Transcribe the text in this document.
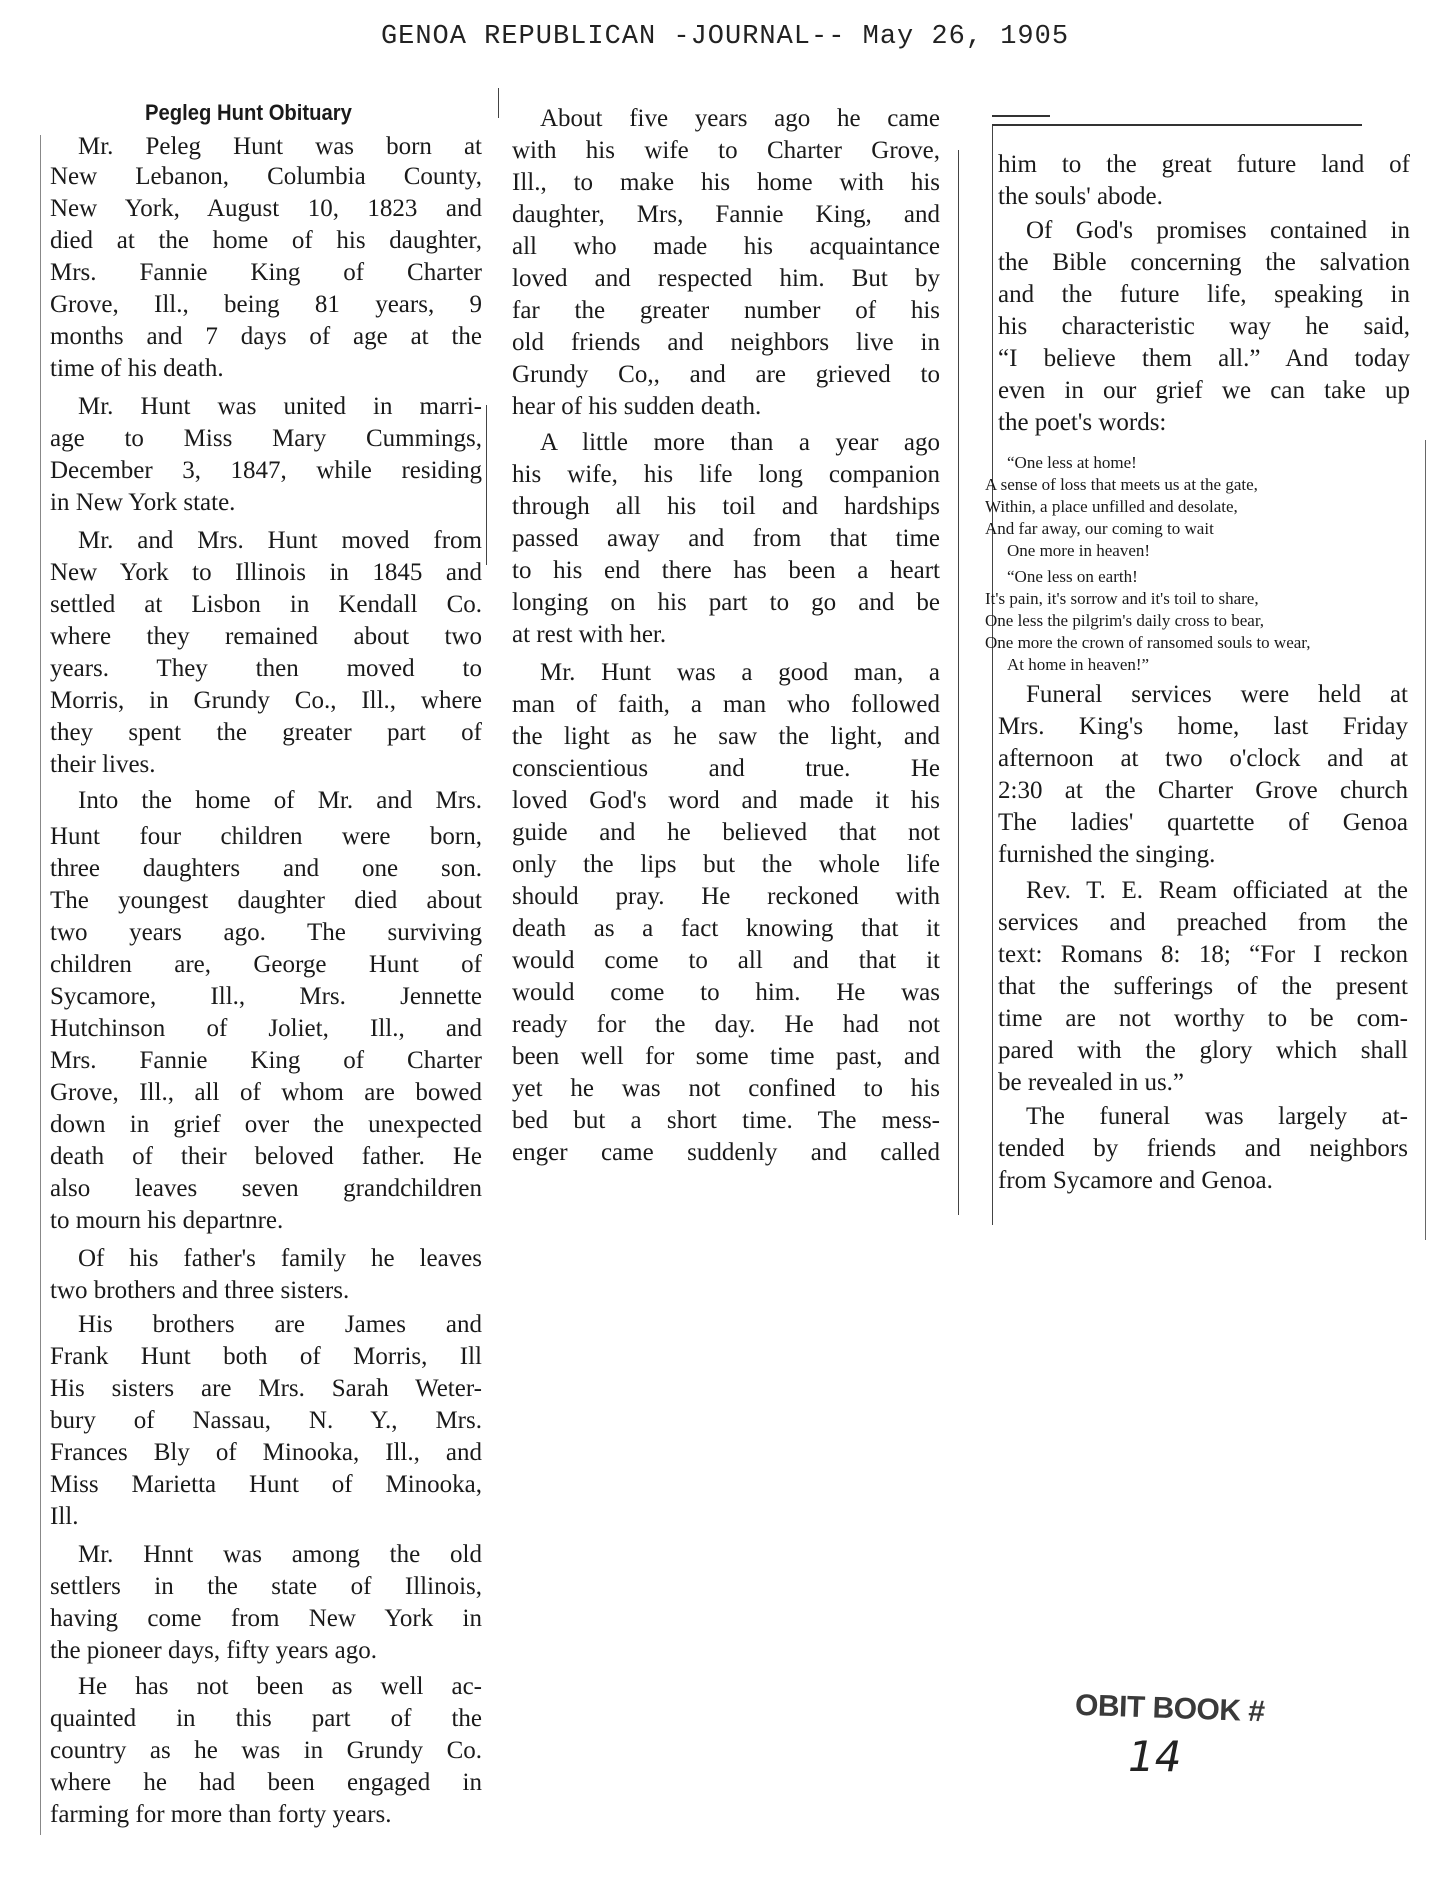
GENOA REPUBLICAN -JOURNAL-- May 26, 1905
Pegleg Hunt Obituary
Mr. Peleg Hunt was born at
New Lebanon, Columbia County,
New York, August 10, 1823 and
died at the home of his daughter,
Mrs. Fannie King of Charter
Grove, Ill., being 81 years, 9
months and 7 days of age at the
time of his death.
Mr. Hunt was united in marri-
age to Miss Mary Cummings,
December 3, 1847, while residing
in New York state.
Mr. and Mrs. Hunt moved from
New York to Illinois in 1845 and
settled at Lisbon in Kendall Co.
where they remained about two
years. They then moved to
Morris, in Grundy Co., Ill., where
they spent the greater part of
their lives.
Into the home of Mr. and Mrs.
Hunt four children were born,
three daughters and one son.
The youngest daughter died about
two years ago. The surviving
children are, George Hunt of
Sycamore, Ill., Mrs. Jennette
Hutchinson of Joliet, Ill., and
Mrs. Fannie King of Charter
Grove, Ill., all of whom are bowed
down in grief over the unexpected
death of their beloved father. He
also leaves seven grandchildren
to mourn his departnre.
Of his father's family he leaves
two brothers and three sisters.
His brothers are James and
Frank Hunt both of Morris, Ill
His sisters are Mrs. Sarah Weter-
bury of Nassau, N. Y., Mrs.
Frances Bly of Minooka, Ill., and
Miss Marietta Hunt of Minooka,
Ill.
Mr. Hnnt was among the old
settlers in the state of Illinois,
having come from New York in
the pioneer days, fifty years ago.
He has not been as well ac-
quainted in this part of the
country as he was in Grundy Co.
where he had been engaged in
farming for more than forty years.
About five years ago he came
with his wife to Charter Grove,
Ill., to make his home with his
daughter, Mrs, Fannie King, and
all who made his acquaintance
loved and respected him. But by
far the greater number of his
old friends and neighbors live in
Grundy Co,, and are grieved to
hear of his sudden death.
A little more than a year ago
his wife, his life long companion
through all his toil and hardships
passed away and from that time
to his end there has been a heart
longing on his part to go and be
at rest with her.
Mr. Hunt was a good man, a
man of faith, a man who followed
the light as he saw the light, and
conscientious and true. He
loved God's word and made it his
guide and he believed that not
only the lips but the whole life
should pray. He reckoned with
death as a fact knowing that it
would come to all and that it
would come to him. He was
ready for the day. He had not
been well for some time past, and
yet he was not confined to his
bed but a short time. The mess-
enger came suddenly and called
him to the great future land of
the souls' abode.
Of God's promises contained in
the Bible concerning the salvation
and the future life, speaking in
his characteristic way he said,
“I believe them all.” And today
even in our grief we can take up
the poet's words:
Funeral services were held at
Mrs. King's home, last Friday
afternoon at two o'clock and at
2:30 at the Charter Grove church
The ladies' quartette of Genoa
furnished the singing.
Rev. T. E. Ream officiated at the
services and preached from the
text: Romans 8: 18; “For I reckon
that the sufferings of the present
time are not worthy to be com-
pared with the glory which shall
be revealed in us.”
The funeral was largely at-
tended by friends and neighbors
from Sycamore and Genoa.
“One less at home!
A sense of loss that meets us at the gate,
Within, a place unfilled and desolate,
And far away, our coming to wait
One more in heaven!
“One less on earth!
It's pain, it's sorrow and it's toil to share,
One less the pilgrim's daily cross to bear,
One more the crown of ransomed souls to wear,
At home in heaven!”
OBIT BOOK #
14
